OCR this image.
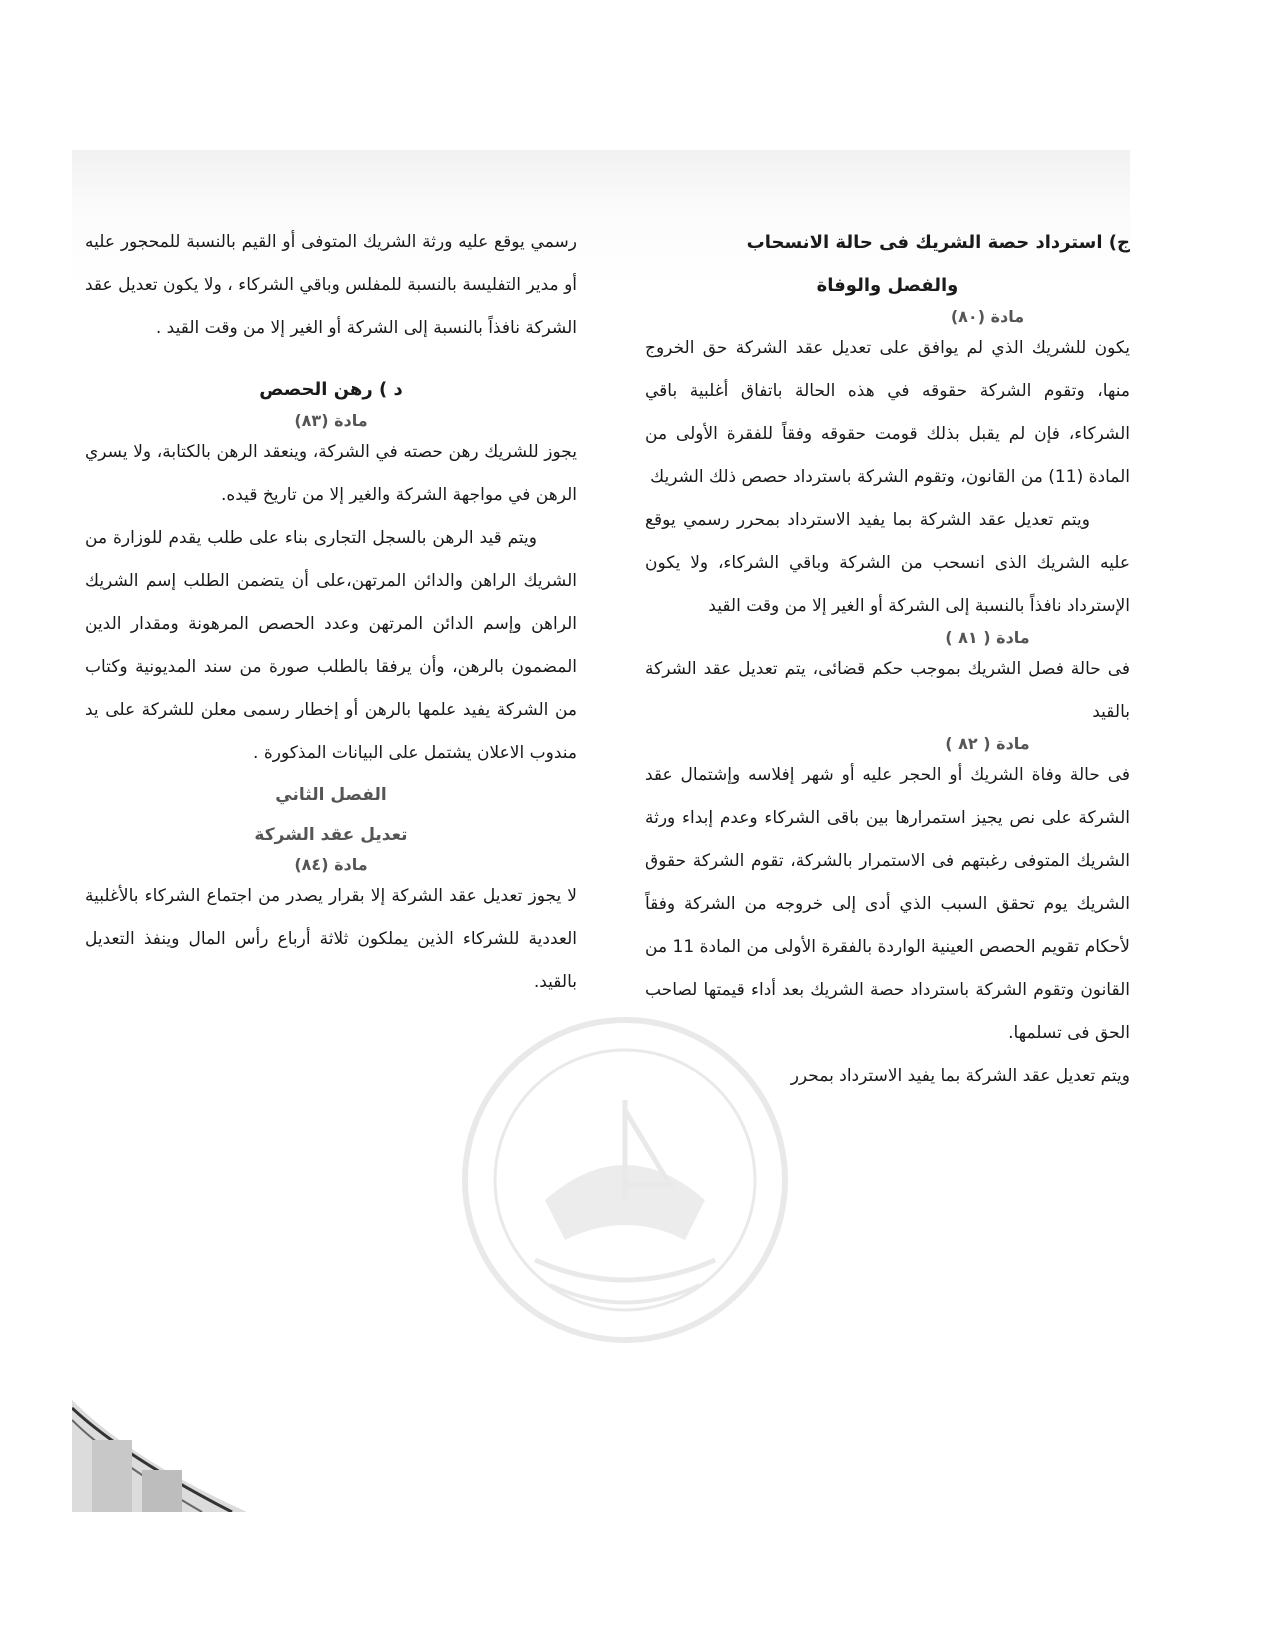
ج) استرداد حصة الشريك فى حالة الانسحاب

والفصل والوفاة

مادة (٨٠)

يكون للشريك الذي لم يوافق على تعديل عقد الشركة حق الخروج منها، وتقوم الشركة حقوقه في هذه الحالة باتفاق أغلبية باقي الشركاء، فإن لم يقبل بذلك قومت حقوقه وفقاً للفقرة الأولى من المادة (11) من القانون، وتقوم الشركة باسترداد حصص ذلك الشريك

ويتم تعديل عقد الشركة بما يفيد الاسترداد بمحرر رسمي يوقع عليه الشريك الذى انسحب من الشركة وباقي الشركاء، ولا يكون الإسترداد نافذاً بالنسبة إلى الشركة أو الغير إلا من وقت القيد

مادة ( ٨١ )

فى حالة فصل الشريك بموجب حكم قضائى، يتم تعديل عقد الشركة بالقيد

مادة ( ٨٢ )

فى حالة وفاة الشريك أو الحجر عليه أو شهر إفلاسه وإشتمال عقد الشركة على نص يجيز استمرارها بين باقى الشركاء وعدم إبداء ورثة الشريك المتوفى رغبتهم فى الاستمرار بالشركة، تقوم الشركة حقوق الشريك يوم تحقق السبب الذي أدى إلى خروجه من الشركة وفقاً لأحكام تقويم الحصص العينية الواردة بالفقرة الأولى من المادة 11 من القانون وتقوم الشركة باسترداد حصة الشريك بعد أداء قيمتها لصاحب الحق فى تسلمها.

ويتم تعديل عقد الشركة بما يفيد الاسترداد بمحرر

رسمي يوقع عليه ورثة الشريك المتوفى أو القيم بالنسبة للمحجور عليه أو مدير التفليسة بالنسبة للمفلس وباقي الشركاء ، ولا يكون تعديل عقد الشركة نافذاً بالنسبة إلى الشركة أو الغير إلا من وقت القيد .

د ) رهن الحصص

مادة (٨٣)

يجوز للشريك رهن حصته في الشركة، وينعقد الرهن بالكتابة، ولا يسري الرهن في مواجهة الشركة والغير إلا من تاريخ قيده.

ويتم قيد الرهن بالسجل التجارى بناء على طلب يقدم للوزارة من الشريك الراهن والدائن المرتهن،على أن يتضمن الطلب إسم الشريك الراهن وإسم الدائن المرتهن وعدد الحصص المرهونة ومقدار الدين المضمون بالرهن، وأن يرفقا بالطلب صورة من سند المديونية وكتاب من الشركة يفيد علمها بالرهن أو إخطار رسمى معلن للشركة على يد مندوب الاعلان يشتمل على البيانات المذكورة .

الفصل الثاني

تعديل عقد الشركة

مادة (٨٤)

لا يجوز تعديل عقد الشركة إلا بقرار يصدر من اجتماع الشركاء بالأغلبية العددية للشركاء الذين يملكون ثلاثة أرباع رأس المال وينفذ التعديل بالقيد.
